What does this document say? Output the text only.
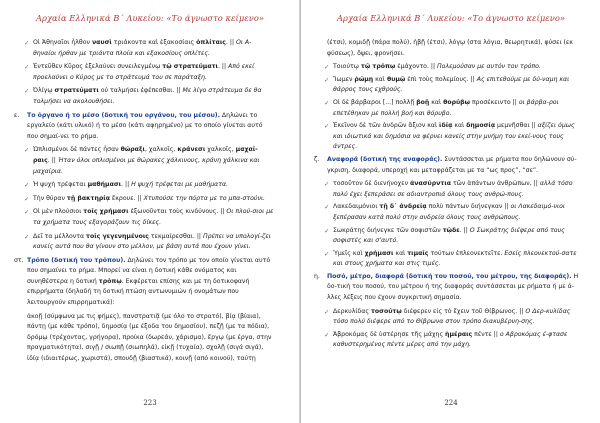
Αρχαία Ελληνικά Β΄ Λυκείου: «Το άγνωστο κείμενο»
✓ Οἱ Ἀθηναῖοι ἦλθον ναυσὶ τριάκοντα καὶ ἑξακοσίαις ὁπλίταις. || Οι Α-θηναίοι ήρθαν με τριάντα πλοία και εξακοσίους οπλίτες.
✓ Ἐντεῦθεν Κῦρος ἐξελαύνει συνειλεγμένῳ τῷ στρατεύματι. || Από εκεί προελαύνει ο Κύρος με το στράτευμά του σε παράταξη.
✓ Ὀλίγῳ στρατεύματι οὐ ταλμήσει ἐφέπεσθαι. || Με λίγο στράτευμα δε θα τολμήσει να ακολουθήσει.
ε. Το όργανο ή το μέσο (δοτική του οργάνου, του μέσου). Δηλώνει το εργαλείο (κάτι υλικό) ή το μέσο (κάτι αφηρημένο) με το οποίο γίνεται αυτό που σημαί-νει το ρήμα.
✓ Ὡπλισμένοι δὲ πάντες ἦσαν θώραξι, χαλκοῖς, κράνεσι χαλκοῖς, μαχαί-ραις. || Ήταν όλοι οπλισμένοι με θώρακες χάλκινους, κράνη χάλκινα και μαχαίρια.
✓ Ἡ ψυχὴ τρέφεται μαθήμασι. || Η ψυχή τρέφεται με μαθήματα.
✓ Τὴν θύραν τῇ βακτηρίᾳ ἔκρουε. || Χτυπούσε την πόρτα με το μπα-στούνι.
✓ Οἱ μὲν πλούσιοι τοῖς χρήμασι ἐξωνοῦνται τοὺς κινδύνους. || Οι πλού-σιοι με τα χρήματα τους εξαγοράζουν τις δίκες.
✓ Δεῖ τα μέλλοντα τοῖς γεγενημένοις τεκμαίρεσθαι. || Πρέπει να υπολογί-ζει κανείς αυτά που θα γίνουν στο μέλλον, με βάση αυτά που έχουν γίνει.
στ. Τρόπο (δοτική του τρόπου). Δηλώνει τον τρόπο με τον οποίο γίνεται αυτό που σημαίνει το ρήμα. Μπορεί να είναι η δοτική κάθε ονόματος και συνηθέστερα η δοτική τρόπῳ. Εκφέρεται επίσης και με τη δοτικοφανή επιρρήματα (δηλαδή τη δοτική πτώση αντωνυμιών ή ονομάτων που λειτουργούν επιρρηματικά):
ἀκοῇ (σύμφωνα με τις φήμες), πανστρατιᾷ (με όλο το στρατό), βίᾳ (βίαια), πάντῃ (με κάθε τρόπο), δημοσίᾳ (με έξοδα του δημοσίου), πεζῇ (με τα πόδια), δρόμῳ (τρέχοντας, γρήγορα), προίκα (δωρεάν, χάρισμα), ἔργῳ (με έργα, στην πραγματικότητα), σιγῇ / σιωπῇ (σιωπηλά), εἰκῇ (τυχαία), σχολῇ (σιγά σιγά), ἰδίᾳ (ιδιαιτέρως, χωριστά), σπουδῇ (βιαστικά), κοινῇ (από κοινού), ταύτῃ
223
Αρχαία Ελληνικά Β΄ Λυκείου: «Το άγνωστο κείμενο»
(έτσι), κομιδῇ (πάρα πολύ), ἡβῇ (έτσι), λόγῳ (στα λόγια, θεωρητικά), φύσει (εκ φύσεως), ὄψει, φρονήσει.
✓ Τοιούτῳ τῷ τρόπῳ ἐμάχοντο. || Πολεμούσαν με αυτόν τον τρόπο.
✓ Ἴωμεν ῥώμῃ καὶ θυμῷ ἐπὶ τοὺς πολεμίους. || Ας επιτεθούμε με δύ-ναμη και θάρρος τους εχθρούς.
✓ Οἱ δὲ βάρβαροι [...] πολλῇ βοῇ καὶ θορύβῳ προσέκειντο || οι βάρβα-ροι επετέθηκαν με πολλή βοή και θόρυβο.
✓ Ἐκεῖνον δὲ τῶν ἀνδρῶν ἄξιον καὶ ἰδίᾳ καὶ δημοσίᾳ μεμνῆσθαι || αξίζει όμως και ιδιωτικά και δημόσια να φέρνει κανείς στην μνήμη του εκεί-νους τους άντρες.
ζ. Αναφορά (δοτική της αναφοράς). Συντάσσεται με ρήματα που δηλώνουν σύ-γκριση, διαφορά, υπεροχή και μεταφράζεται με τα “ως προς”, “σε”.
✓ τοσοῦτον δὲ διενήνοχεν ἀνασύρντια τῶν ἁπάντων ἀνθρώπων, || αλλά τόσο πολύ έχει ξεπεράσει σε αδιαντροπιά όλους τους ανθρώ-πους.
✓ Λακεδαιμόνιοι τῇ δ᾽ ἀνδρείᾳ πολὺ πάντων διήνεγκαν || οι Λακεδαιμό-νιοι ξεπέρασαν κατά πολύ στην ανδρεία όλους τους ανθρώπους.
✓ Σωκράτης διήνεγκε τῶν σοφιστῶν τῷδε. || Ο Σωκράτης διέφερε από τους σοφιστές και σ’αυτό.
✓ Ὑμεῖς καὶ χρήμασι καὶ τιμαῖς τούτων ἐπλεονεκτεῖτε. Εσείς πλεονεκτού-σατε και στους χρήματα και στις τιμές.
η. Ποσό, μέτρο, διαφορά (δοτική του ποσού, του μέτρου, της διαφοράς). Η δο-τική του ποσού, του μέτρου ή της διαφοράς συντάσσεται με ρήματα ή με ά-λλες λέξεις που έχουν συγκριτική σημασία.
✓ Δερκυλίδας τοσούτῳ διέφερεν εἰς τὸ ἔχειν τοῦ Θίβρωνος. || Ο Δερ-κυλίδας τόσο πολύ διέφερε από το Θίβρωνα στον τρόπο διακυβέρνη-σης.
✓ Ἀβροκόμας δὲ ὑστέρησε τῆς μάχης ἡμέραις πέντε || ο Αβροκόμας έ-φτασε καθυστερημένος πέντε μέρες από την μάχη.
224
